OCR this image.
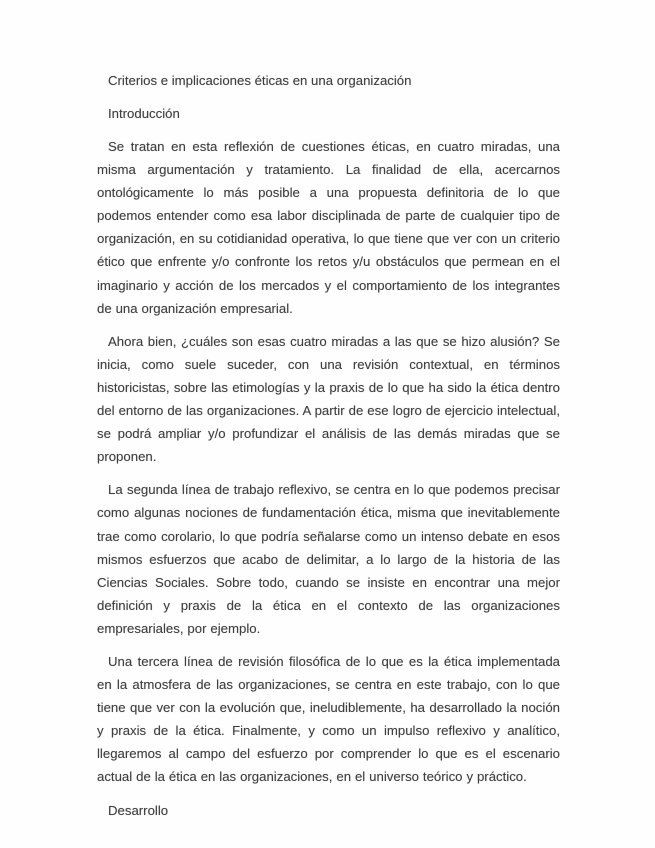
Criterios e implicaciones éticas en una organización
Introducción

Se tratan en esta reflexión de cuestiones éticas, en cuatro miradas, una misma argumentación y tratamiento. La finalidad de ella, acercarnos ontológicamente lo más posible a una propuesta definitoria de lo que podemos entender como esa labor disciplinada de parte de cualquier tipo de organización, en su cotidianidad operativa, lo que tiene que ver con un criterio ético que enfrente y/o confronte los retos y/u obstáculos que permean en el imaginario y acción de los mercados y el comportamiento de los integrantes de una organización empresarial.

Ahora bien, ¿cuáles son esas cuatro miradas a las que se hizo alusión? Se inicia, como suele suceder, con una revisión contextual, en términos historicistas, sobre las etimologías y la praxis de lo que ha sido la ética dentro del entorno de las organizaciones. A partir de ese logro de ejercicio intelectual, se podrá ampliar y/o profundizar el análisis de las demás miradas que se proponen.

La segunda línea de trabajo reflexivo, se centra en lo que podemos precisar como algunas nociones de fundamentación ética, misma que inevitablemente trae como corolario, lo que podría señalarse como un intenso debate en esos mismos esfuerzos que acabo de delimitar, a lo largo de la historia de las Ciencias Sociales. Sobre todo, cuando se insiste en encontrar una mejor definición y praxis de la ética en el contexto de las organizaciones empresariales, por ejemplo.

Una tercera línea de revisión filosófica de lo que es la ética implementada en la atmosfera de las organizaciones, se centra en este trabajo, con lo que tiene que ver con la evolución que, ineludiblemente, ha desarrollado la noción y praxis de la ética. Finalmente, y como un impulso reflexivo y analítico, llegaremos al campo del esfuerzo por comprender lo que es el escenario actual de la ética en las organizaciones, en el universo teórico y práctico.

Desarrollo
